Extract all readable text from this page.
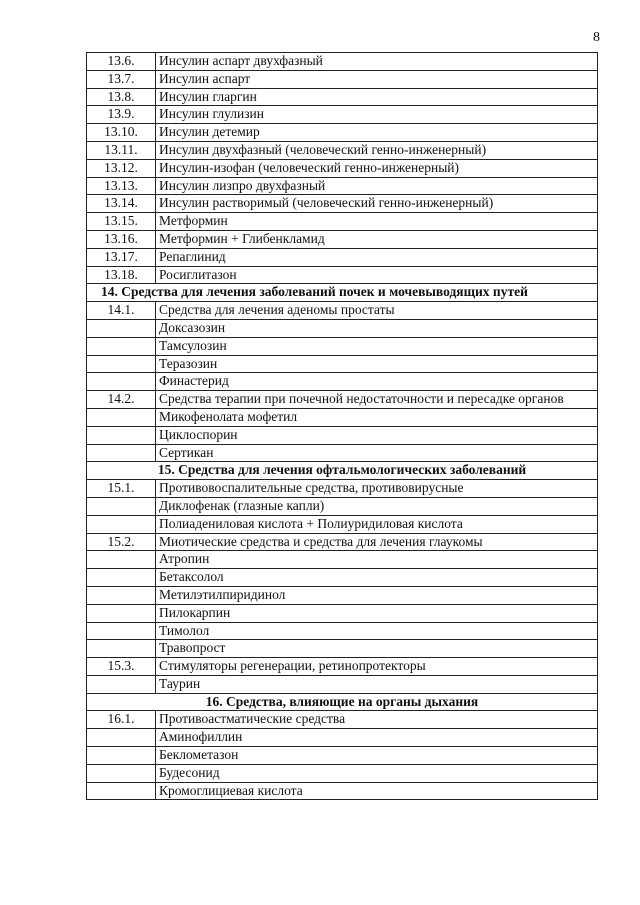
8
13.6.	Инсулин аспарт двухфазный
13.7.	Инсулин аспарт
13.8.	Инсулин гларгин
13.9.	Инсулин глулизин
13.10.	Инсулин детемир
13.11.	Инсулин двухфазный (человеческий генно-инженерный)
13.12.	Инсулин-изофан (человеческий генно-инженерный)
13.13.	Инсулин лизпро двухфазный
13.14.	Инсулин растворимый (человеческий генно-инженерный)
13.15.	Метформин
13.16.	Метформин + Глибенкламид
13.17.	Репаглинид
13.18.	Росиглитазон
14. Средства для лечения заболеваний почек и мочевыводящих путей	
14.1.	Средства для лечения аденомы простаты
	Доксазозин
	Тамсулозин
	Теразозин
	Финастерид
14.2.	Средства терапии при почечной недостаточности и пересадке органов
	Микофенолата мофетил
	Циклоспорин
	Сертикан
15. Средства для лечения офтальмологических заболеваний	
15.1.	Противовоспалительные средства, противовирусные
	Диклофенак (глазные капли)
	Полиадениловая кислота + Полиуридиловая кислота
15.2.	Миотические средства и средства для лечения глаукомы
	Атропин
	Бетаксолол
	Метилэтилпиридинол
	Пилокарпин
	Тимолол
	Травопрост
15.3.	Стимуляторы регенерации, ретинопротекторы
	Таурин
16. Средства, влияющие на органы дыхания	
16.1.	Противоастматические средства
	Аминофиллин
	Беклометазон
	Будесонид
	Кромоглициевая кислота
